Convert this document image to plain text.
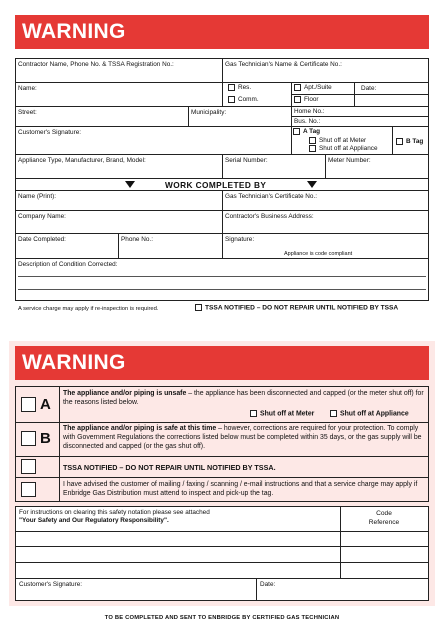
WARNING
Contractor Name, Phone No. & TSSA Registration No.:	Gas Technician's Name & Certificate No.:
Name:	Res.	Apt./Suite	Date:
Comm.	Floor
Street:	Municipality:	Home No.:
Bus. No.:
Customer's Signature:	A Tag
Shut off at Meter
Shut off at Appliance
B Tag
Appliance Type, Manufacturer, Brand, Model:	Serial Number:	Meter Number:
WORK COMPLETED BY
Name (Print):	Gas Technician's Certificate No.:
Company Name:	Contractor's Business Address:
Date Completed:	Phone No.:	Signature:
Appliance is code compliant
Description of Condition Corrected:
A service charge may apply if re-inspection is required.	TSSA NOTIFIED – DO NOT REPAIR UNTIL NOTIFIED BY TSSA
WARNING
A
The appliance and/or piping is unsafe – the appliance has been disconnected and capped (or the meter shut off) for the reasons listed below.
Shut off at Meter	Shut off at Appliance
B
The appliance and/or piping is safe at this time – however, corrections are required for your protection. To comply with Government Regulations the corrections listed below must be completed within 35 days, or the gas supply will be disconnected and capped (or the gas shut off).
TSSA NOTIFIED – DO NOT REPAIR UNTIL NOTIFIED BY TSSA.
I have advised the customer of mailing / faxing / scanning / e-mail instructions and that a service charge may apply if Enbridge Gas Distribution must attend to inspect and pick-up the tag.
For instructions on clearing this safety notation please see attached
"Your Safety and Our Regulatory Responsibility".
Code Reference
Customer's Signature:	Date:
TO BE COMPLETED AND SENT TO ENBRIDGE BY CERTIFIED GAS TECHNICIAN
